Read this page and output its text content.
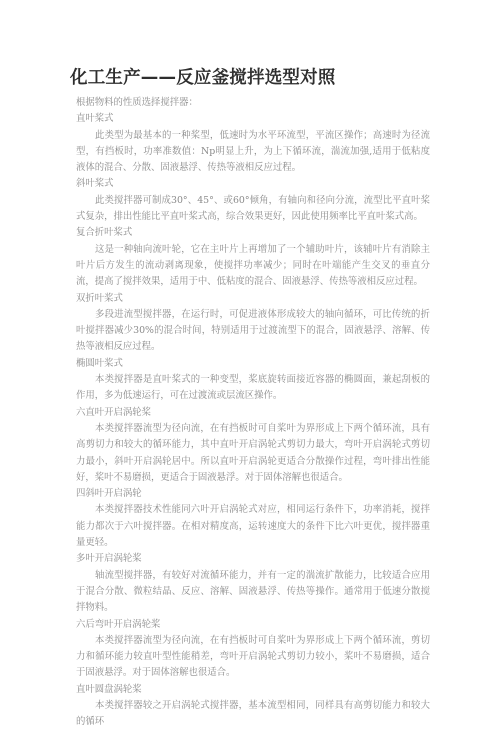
化工生产——反应釜搅拌选型对照

根据物料的性质选择搅拌器：

直叶桨式

此类型为最基本的一种桨型，低速时为水平环流型，平流区操作；高速时为径流型，有挡板时，功率准数值：Np明显上升，为上下循环流，湍流加强,适用于低粘度液体的混合、分散、固液悬浮、传热等液相反应过程。

斜叶桨式

此类搅拌器可制成30°、45°、或60°倾角，有轴向和径向分流，流型比平直叶桨式复杂，排出性能比平直叶桨式高，综合效果更好，因此使用频率比平直叶桨式高。

复合折叶桨式

这是一种轴向流叶轮，它在主叶片上再增加了一个辅助叶片，该辅叶片有消除主叶片后方发生的流动剥离现象，使搅拌功率减少；同时在叶端能产生交叉的垂直分流，提高了搅拌效果，适用于中、低粘度的混合、固液悬浮、传热等液相反应过程。

双折叶桨式

多段进流型搅拌器，在运行时，可促进液体形成较大的轴向循环，可比传统的折叶搅拌器减少30%的混合时间，特别适用于过渡流型下的混合，固液悬浮、溶解、传热等液相反应过程。

椭圆叶桨式

本类搅拌器是直叶桨式的一种变型，桨底旋转面接近容器的椭圆面，兼起刮板的作用，多为低速运行，可在过渡流或层流区操作。

六直叶开启涡轮桨

本类搅拌器流型为径向流，在有挡板时可自桨叶为界形成上下两个循环流，具有高剪切力和较大的循环能力，其中直叶开启涡轮式剪切力最大，弯叶开启涡轮式剪切力最小，斜叶开启涡轮居中。所以直叶开启涡轮更适合分散操作过程，弯叶排出性能好，桨叶不易磨损，更适合于固液悬浮。对于固体溶解也很适合。

四斜叶开启涡轮

本类搅拌器技术性能同六叶开启涡轮式对应，相同运行条件下，功率消耗，搅拌能力都次于六叶搅拌器。在相对精度高，运转速度大的条件下比六叶更优，搅拌器重量更轻。

多叶开启涡轮桨

轴流型搅拌器，有较好对流循环能力，并有一定的湍流扩散能力，比较适合应用于混合分散、微粒结晶、反应、溶解、固液悬浮、传热等操作。通常用于低速分散搅拌物料。

六后弯叶开启涡轮桨

本类搅拌器流型为径向流，在有挡板时可自桨叶为界形成上下两个循环流，剪切力和循环能力较直叶型性能稍差，弯叶开启涡轮式剪切力较小，桨叶不易磨损，适合于固液悬浮。对于固体溶解也很适合。

直叶圆盘涡轮桨

本类搅拌器较之开启涡轮式搅拌器，基本流型相同，同样具有高剪切能力和较大的循环
